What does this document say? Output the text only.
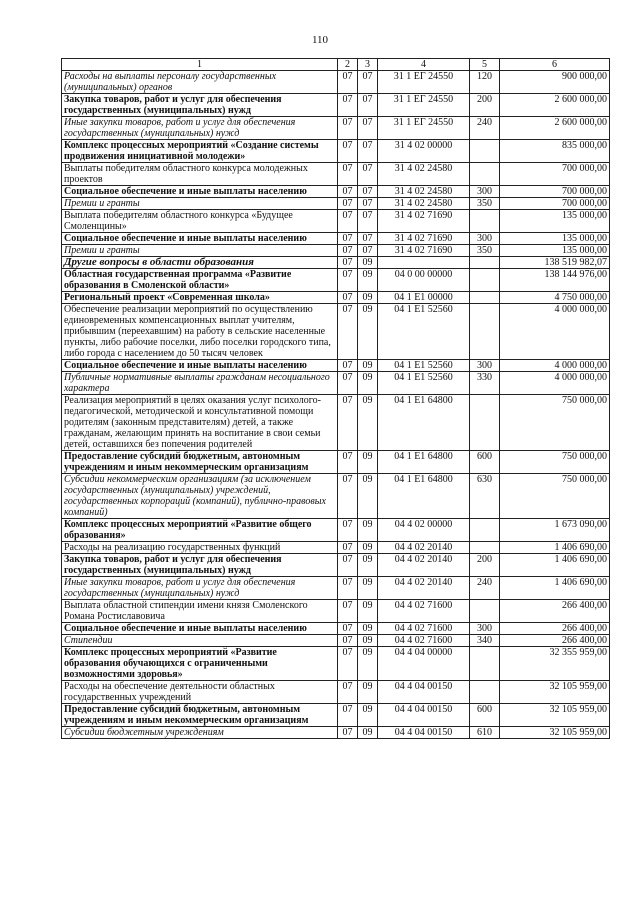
110
1	2	3	4	5	6
Расходы на выплаты персоналу государственных (муниципальных) органов	07	07	31 1 ЕГ 24550	120	900 000,00
Закупка товаров, работ и услуг для обеспечения государственных (муниципальных) нужд	07	07	31 1 ЕГ 24550	200	2 600 000,00
Иные закупки товаров, работ и услуг для обеспечения государственных (муниципальных) нужд	07	07	31 1 ЕГ 24550	240	2 600 000,00
Комплекс процессных мероприятий «Создание системы продвижения инициативной молодежи»	07	07	31 4 02 00000		835 000,00
Выплаты победителям областного конкурса молодежных проектов	07	07	31 4 02 24580		700 000,00
Социальное обеспечение и иные выплаты населению	07	07	31 4 02 24580	300	700 000,00
Премии и гранты	07	07	31 4 02 24580	350	700 000,00
Выплата победителям областного конкурса «Будущее Смоленщины»	07	07	31 4 02 71690		135 000,00
Социальное обеспечение и иные выплаты населению	07	07	31 4 02 71690	300	135 000,00
Премии и гранты	07	07	31 4 02 71690	350	135 000,00
Другие вопросы в области образования	07	09			138 519 982,07
Областная государственная программа «Развитие образования в Смоленской области»	07	09	04 0 00 00000		138 144 976,00
Региональный проект «Современная школа»	07	09	04 1 Е1 00000		4 750 000,00
Обеспечение реализации мероприятий по осуществлению единовременных компенсационных выплат учителям, прибывшим (переехавшим) на работу в сельские населенные пункты, либо рабочие поселки, либо поселки городского типа, либо города с населением до 50 тысяч человек	07	09	04 1 Е1 52560		4 000 000,00
Социальное обеспечение и иные выплаты населению	07	09	04 1 Е1 52560	300	4 000 000,00
Публичные нормативные выплаты гражданам несоциального характера	07	09	04 1 Е1 52560	330	4 000 000,00
Реализация мероприятий в целях оказания услуг психолого-педагогической, методической и консультативной помощи родителям (законным представителям) детей, а также гражданам, желающим принять на воспитание в свои семьи детей, оставшихся без попечения родителей	07	09	04 1 Е1 64800		750 000,00
Предоставление субсидий бюджетным, автономным учреждениям и иным некоммерческим организациям	07	09	04 1 Е1 64800	600	750 000,00
Субсидии некоммерческим организациям (за исключением государственных (муниципальных) учреждений, государственных корпораций (компаний), публично-правовых компаний)	07	09	04 1 Е1 64800	630	750 000,00
Комплекс процессных мероприятий «Развитие общего образования»	07	09	04 4 02 00000		1 673 090,00
Расходы на реализацию государственных функций	07	09	04 4 02 20140		1 406 690,00
Закупка товаров, работ и услуг для обеспечения государственных (муниципальных) нужд	07	09	04 4 02 20140	200	1 406 690,00
Иные закупки товаров, работ и услуг для обеспечения государственных (муниципальных) нужд	07	09	04 4 02 20140	240	1 406 690,00
Выплата областной стипендии имени князя Смоленского Романа Ростиславовича	07	09	04 4 02 71600		266 400,00
Социальное обеспечение и иные выплаты населению	07	09	04 4 02 71600	300	266 400,00
Стипендии	07	09	04 4 02 71600	340	266 400,00
Комплекс процессных мероприятий «Развитие образования обучающихся с ограниченными возможностями здоровья»	07	09	04 4 04 00000		32 355 959,00
Расходы на обеспечение деятельности областных государственных учреждений	07	09	04 4 04 00150		32 105 959,00
Предоставление субсидий бюджетным, автономным учреждениям и иным некоммерческим организациям	07	09	04 4 04 00150	600	32 105 959,00
Субсидии бюджетным учреждениям	07	09	04 4 04 00150	610	32 105 959,00
